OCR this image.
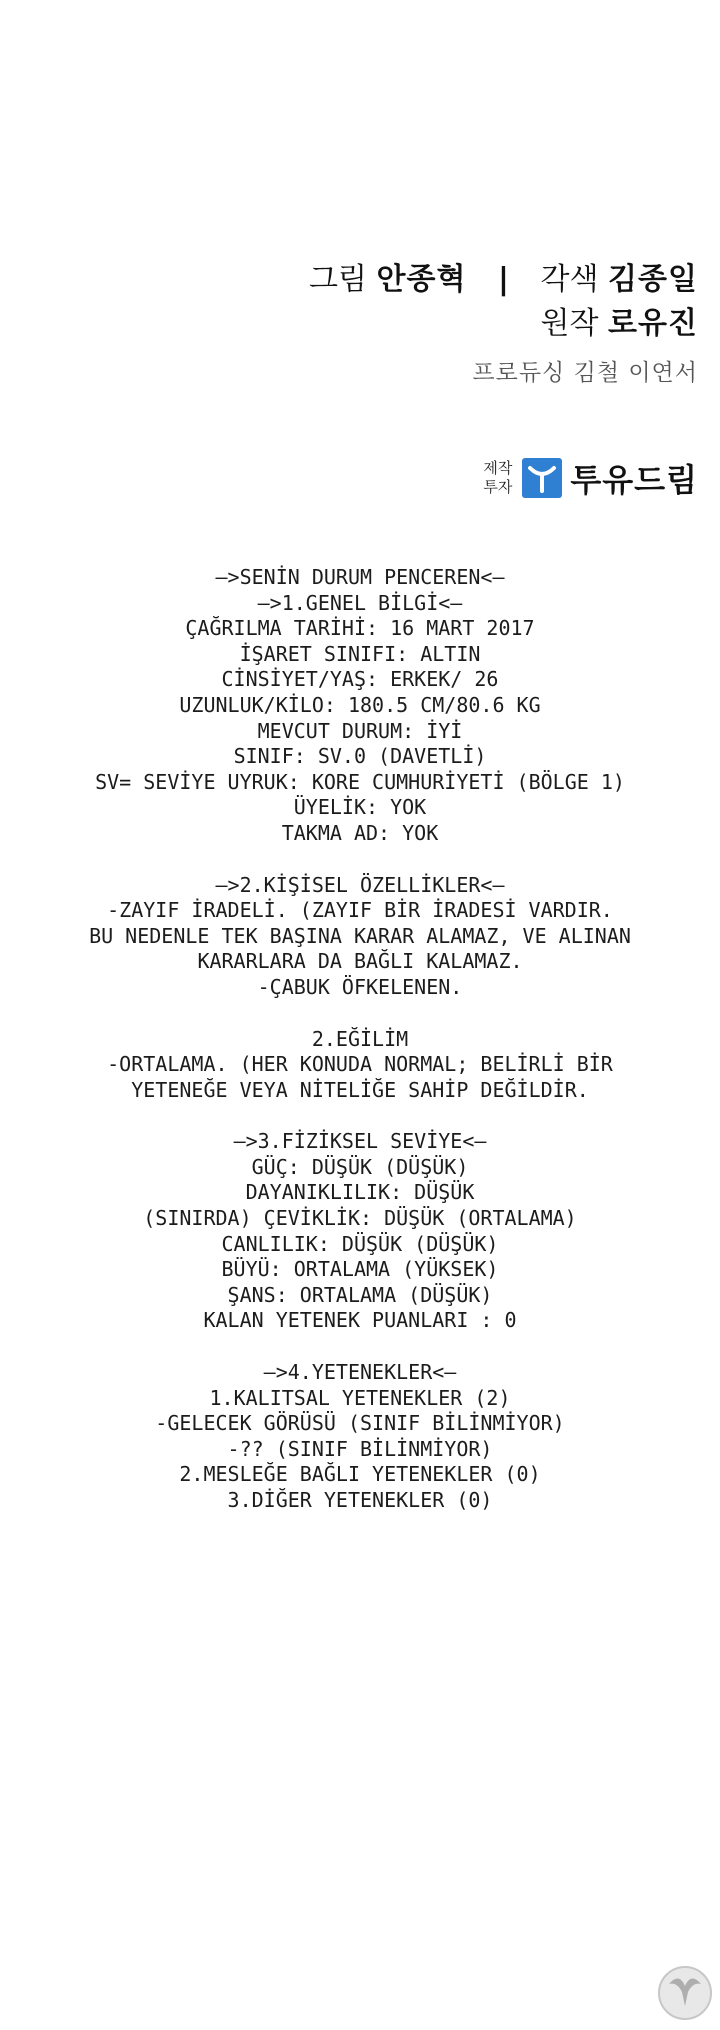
그림 안종혁 | 각색 김종일
원작 로유진
프로듀싱 김철 이연서
제작
투자 투유드림
–>SENİN DURUM PENCEREN<–
–>1.GENEL BİLGİ<–
ÇAĞRILMA TARİHİ: 16 MART 2017
İŞARET SINIFI: ALTIN
CİNSİYET/YAŞ: ERKEK/ 26
UZUNLUK/KİLO: 180.5 CM/80.6 KG
MEVCUT DURUM: İYİ
SINIF: SV.0 (DAVETLİ)
SV= SEVİYE UYRUK: KORE CUMHURİYETİ (BÖLGE 1)
ÜYELİK: YOK
TAKMA AD: YOK
–>2.KİŞİSEL ÖZELLİKLER<–
-ZAYIF İRADELİ. (ZAYIF BİR İRADESİ VARDIR.
BU NEDENLE TEK BAŞINA KARAR ALAMAZ, VE ALINAN
KARARLARA DA BAĞLI KALAMAZ.
-ÇABUK ÖFKELENEN.
2.EĞİLİM
-ORTALAMA. (HER KONUDA NORMAL; BELİRLİ BİR
YETENEĞE VEYA NİTELİĞE SAHİP DEĞİLDİR.
–>3.FİZİKSEL SEVİYE<–
GÜÇ: DÜŞÜK (DÜŞÜK)
DAYANIKLILIK: DÜŞÜK
(SINIRDA) ÇEVİKLİK: DÜŞÜK (ORTALAMA)
CANLILIK: DÜŞÜK (DÜŞÜK)
BÜYÜ: ORTALAMA (YÜKSEK)
ŞANS: ORTALAMA (DÜŞÜK)
KALAN YETENEK PUANLARI : 0
–>4.YETENEKLER<–
1.KALITSAL YETENEKLER (2)
-GELECEK GÖRÜSÜ (SINIF BİLİNMİYOR)
-?? (SINIF BİLİNMİYOR)
2.MESLEĞE BAĞLI YETENEKLER (0)
3.DİĞER YETENEKLER (0)
